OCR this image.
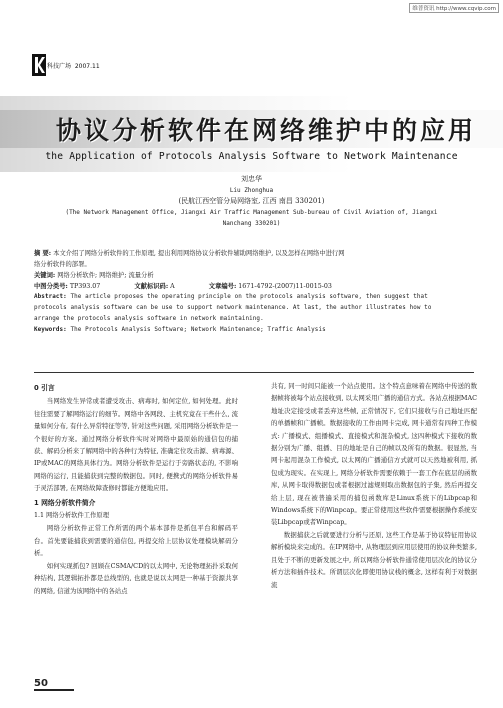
维普资讯 http://www.cqvip.com
科技广场 2007.11
协议分析软件在网络维护中的应用
the Application of Protocols Analysis Software to Network Maintenance
刘忠华
Liu Zhonghua
(民航江西空管分局网络室, 江西 南昌 330201)
(The Network Management Office, Jiangxi Air Traffic Management Sub-bureau of Civil Aviation of, Jiangxi
Nanchang 330201)
摘 要: 本文介绍了网络分析软件的工作原理, 提出利用网络协议分析软件辅助网络维护, 以及怎样在网络中进行网
络分析软件的部署。
关键词: 网络分析软件; 网络维护; 流量分析
中图分类号: TP393.07	文献标识码: A	文章编号: 1671-4792-(2007)11-0015-03
Abstract: The article proposes the operating principle on the protocols analysis software, then suggest that
protocols analysis software can be use to support network maintenance. At last, the author illustrates how to
arrange the protocols analysis software in network maintaining.
Keywords: The Protocols Analysis Software; Network Maintenance; Traffic Analysis
0 引言

当网络发生异常或者遭受攻击、病毒时, 如何定位, 如何处理。此时往往需要了解网络运行的细节。网络中各网段、主机究竟在干些什么, 流量如何分布, 有什么异常特征等等, 针对这些问题, 采用网络分析软件是一个很好的方案。通过网络分析软件实时对网络中最原始的通信包的捕获、解码分析来了解网络中的各种行为特征, 准确定位攻击源、病毒源、IP或MAC的网络具体行为。网络分析软件是运行于旁路状态的, 不影响网络的运行, 且能捕获到完整的数据包。同时, 便携式的网络分析软件易于灵活部署, 在网络故障查修时都能方便地应用。

1 网络分析软件简介
1.1 网络分析软件工作原理

网络分析软件正常工作所需的两个基本部件是抓包平台和解码平台。首先要能捕获到需要的通信包, 再提交给上层协议处理模块解码分析。

如何实现抓包? 回顾在CSMA/CD的以太网中, 无论物理拓扑采取何种结构, 其逻辑拓扑都是总线型的, 也就是说以太网是一种基于资源共享的网络, 信道为该网络中的各站点

共有, 同一时间只能被一个站点使用。这个特点意味着在网络中传送的数据帧将被每个站点接收到, 以太网采用广播的通信方式。各站点根据MAC地址决定接受或者丢弃这些帧, 正常情况下, 它们只接收与自己地址匹配的单播帧和广播帧。数据接收的工作由网卡完成, 网卡通常有四种工作模式: 广播模式、组播模式、直接模式和混杂模式, 这四种模式下接收的数据分别为广播、组播、目的地址是自己的帧以及所有的数据。很显然, 当网卡起用混杂工作模式, 以太网的广播通信方式就可以天然地被利用, 抓包成为现实。在实现上, 网络分析软件需要依赖于一套工作在底层的函数库, 从网卡取得数据包或者根据过滤规则取出数据包的子集, 然后再提交给上层, 现在被普遍采用的捕包函数库是Linux系统下的Libpcap和Windows系统下的Winpcap。要正常使用这些软件需要根据操作系统安装Libpcap或者Winpcap。

数据捕获之后就要进行分析与还原, 这些工作是基于协议特征用协议解析模块来完成的。在IP网络中, 从物理层到应用层使用的协议种类繁多, 且处于不断的更新发展之中, 所以网络分析软件通常使用层次化的协议分析方法和插件技术。所谓层次化即使用协议栈的概念, 这样有利于对数据流

50
